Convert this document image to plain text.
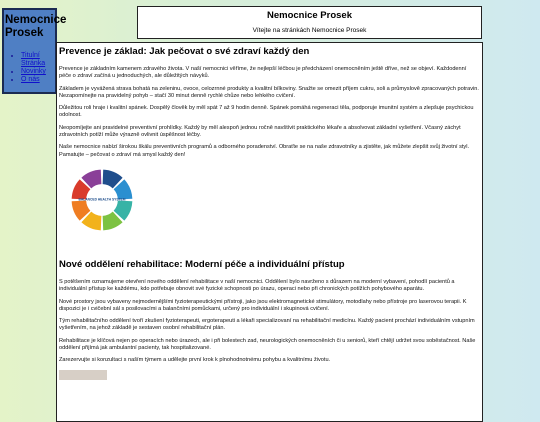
Nemocnice Prosek
• Titulní Stránka
• Novinky
• O nás
Nemocnice Prosek
Vítejte na stránkách Nemocnice Prosek
Prevence je základ: Jak pečovat o své zdraví každý den

Prevence je základním kamenem zdravého života. V naší nemocnici věříme, že nejlepší léčbou je předcházení onemocněním ještě dříve, než se objeví. Každodenní péče o zdraví začíná u jednoduchých, ale důležitých návyků.

Základem je vyvážená strava bohatá na zeleninu, ovoce, celozrnné produkty a kvalitní bílkoviny. Snažte se omezit příjem cukru, soli a průmyslově zpracovaných potravin. Nezapomínejte na pravidelný pohyb – stačí 30 minut denně rychlé chůze nebo lehkého cvičení.

Důležitou roli hraje i kvalitní spánek. Dospělý člověk by měl spát 7 až 9 hodin denně. Spánek pomáhá regeneraci těla, podporuje imunitní systém a zlepšuje psychickou odolnost.

Neopomíjejte ani pravidelné preventivní prohlídky. Každý by měl alespoň jednou ročně navštívit praktického lékaře a absolvovat základní vyšetření. Včasný záchyt zdravotních potíží může výrazně ovlivnit úspěšnost léčby.

Naše nemocnice nabízí širokou škálu preventivních programů a odborného poradenství. Obraťte se na naše zdravotníky a zjistěte, jak můžete zlepšit svůj životní styl. Pamatujte – pečovat o zdraví má smysl každý den!

BALANCED HEALTH SYSTEM
Nové oddělení rehabilitace: Moderní péče a individuální přístup

S potěšením oznamujeme otevření nového oddělení rehabilitace v naší nemocnici. Oddělení bylo navrženo s důrazem na moderní vybavení, pohodlí pacientů a individuální přístup ke každému, kdo potřebuje obnovit své fyzické schopnosti po úrazu, operaci nebo při chronických potížích pohybového aparátu.

Nové prostory jsou vybaveny nejmodernějšími fyzioterapeutickými přístroji, jako jsou elektromagnetické stimulátory, motodlahy nebo přístroje pro laserovou terapii. K dispozici je i cvičební sál s posilovacími a balančními pomůckami, určený pro individuální i skupinová cvičení.

Tým rehabilitačního oddělení tvoří zkušení fyzioterapeuti, ergoterapeuti a lékaři specializovaní na rehabilitační medicínu. Každý pacient prochází individuálním vstupním vyšetřením, na jehož základě je sestaven osobní rehabilitační plán.

Rehabilitace je klíčová nejen po operacích nebo úrazech, ale i při bolestech zad, neurologických onemocněních či u seniorů, kteří chtějí udržet svou soběstačnost. Naše oddělení přijímá jak ambulantní pacienty, tak hospitalizované.

Zarezervujte si konzultaci s naším týmem a udělejte první krok k plnohodnotnému pohybu a kvalitnímu životu.
